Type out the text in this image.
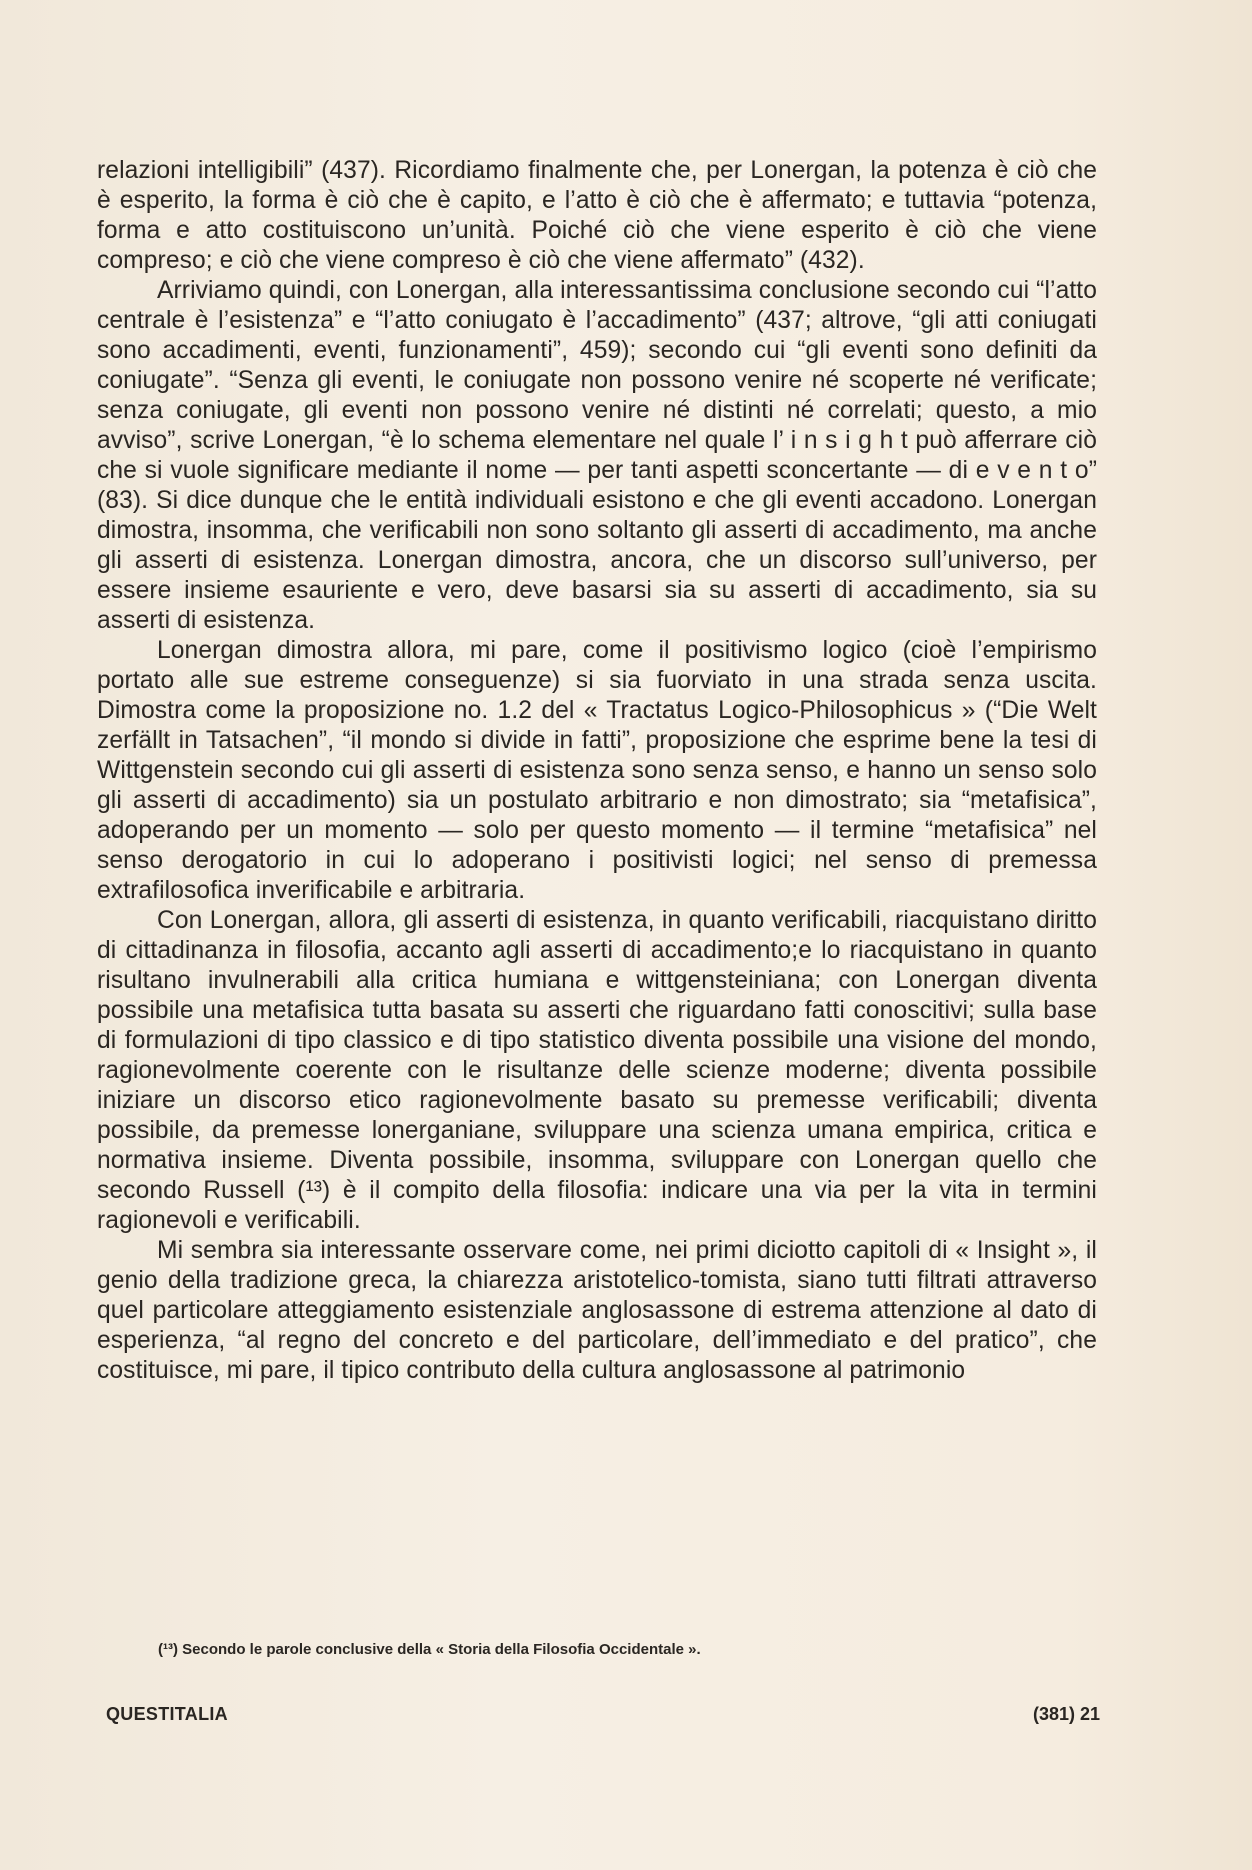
relazioni intelligibili” (437). Ricordiamo finalmente che, per Lonergan, la potenza è ciò che è esperito, la forma è ciò che è capito, e l’atto è ciò che è affermato; e tuttavia “potenza, forma e atto costituiscono un’unità. Poiché ciò che viene esperito è ciò che viene compreso; e ciò che viene compreso è ciò che viene affermato” (432).

Arriviamo quindi, con Lonergan, alla interessantissima conclusione secondo cui “l’atto centrale è l’esistenza” e “l’atto coniugato è l’accadimento” (437; altrove, “gli atti coniugati sono accadimenti, eventi, funzionamenti”, 459); secondo cui “gli eventi sono definiti da coniugate”. “Senza gli eventi, le coniugate non possono venire né scoperte né verificate; senza coniugate, gli eventi non possono venire né distinti né correlati; questo, a mio avviso”, scrive Lonergan, “è lo schema elementare nel quale l’ i n s i g h t può afferrare ciò che si vuole significare mediante il nome — per tanti aspetti sconcertante — di e v e n t o” (83). Si dice dunque che le entità individuali esistono e che gli eventi accadono. Lonergan dimostra, insomma, che verificabili non sono soltanto gli asserti di accadimento, ma anche gli asserti di esistenza. Lonergan dimostra, ancora, che un discorso sull’universo, per essere insieme esauriente e vero, deve basarsi sia su asserti di accadimento, sia su asserti di esistenza.

Lonergan dimostra allora, mi pare, come il positivismo logico (cioè l’empirismo portato alle sue estreme conseguenze) si sia fuorviato in una strada senza uscita. Dimostra come la proposizione no. 1.2 del « Tractatus Logico-Philosophicus » (“Die Welt zerfällt in Tatsachen”, “il mondo si divide in fatti”, proposizione che esprime bene la tesi di Wittgenstein secondo cui gli asserti di esistenza sono senza senso, e hanno un senso solo gli asserti di accadimento) sia un postulato arbitrario e non dimostrato; sia “metafisica”, adoperando per un momento — solo per questo momento — il termine “metafisica” nel senso derogatorio in cui lo adoperano i positivisti logici; nel senso di premessa extrafilosofica inverificabile e arbitraria.

Con Lonergan, allora, gli asserti di esistenza, in quanto verificabili, riacquistano diritto di cittadinanza in filosofia, accanto agli asserti di accadimento;e lo riacquistano in quanto risultano invulnerabili alla critica humiana e wittgensteiniana; con Lonergan diventa possibile una metafisica tutta basata su asserti che riguardano fatti conoscitivi; sulla base di formulazioni di tipo classico e di tipo statistico diventa possibile una visione del mondo, ragionevolmente coerente con le risultanze delle scienze moderne; diventa possibile iniziare un discorso etico ragionevolmente basato su premesse verificabili; diventa possibile, da premesse lonerganiane, sviluppare una scienza umana empirica, critica e normativa insieme. Diventa possibile, insomma, sviluppare con Lonergan quello che secondo Russell (¹³) è il compito della filosofia: indicare una via per la vita in termini ragionevoli e verificabili.

Mi sembra sia interessante osservare come, nei primi diciotto capitoli di « Insight », il genio della tradizione greca, la chiarezza aristotelico-tomista, siano tutti filtrati attraverso quel particolare atteggiamento esistenziale anglosassone di estrema attenzione al dato di esperienza, “al regno del concreto e del particolare, dell’immediato e del pratico”, che costituisce, mi pare, il tipico contributo della cultura anglosassone al patrimonio

(¹³) Secondo le parole conclusive della « Storia della Filosofia Occidentale ».
QUESTITALIA	(381) 21
